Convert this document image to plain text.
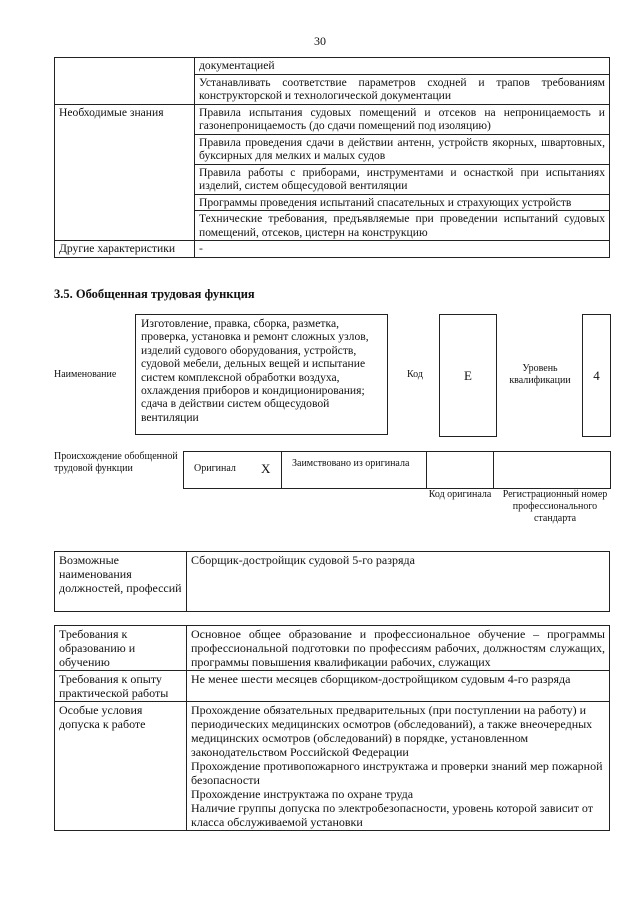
30
	документацией
	Устанавливать соответствие параметров сходней и трапов требованиям конструкторской и технологической документации
Необходимые знания	Правила испытания судовых помещений и отсеков на непроницаемость и газонепроницаемость (до сдачи помещений под изоляцию)
	Правила проведения сдачи в действии антенн, устройств якорных, швартовных, буксирных для мелких и малых судов
	Правила работы с приборами, инструментами и оснасткой при испытаниях изделий, систем общесудовой вентиляции
	Программы проведения испытаний спасательных и страхующих устройств
	Технические требования, предъявляемые при проведении испытаний судовых помещений, отсеков, цистерн на конструкцию
Другие характеристики	-
3.5. Обобщенная трудовая функция
Наименование
Изготовление, правка, сборка, разметка, проверка, установка и ремонт сложных узлов, изделий судового оборудования, устройств, судовой мебели, дельных вещей и испытание систем комплексной обработки воздуха, охлаждения приборов и кондиционирования; сдача в действии систем общесудовой вентиляции
Код	E	Уровень квалификации	4
Происхождение обобщенной трудовой функции	Оригинал X Заимствовано из оригинала
Код оригинала Регистрационный номер профессионального стандарта
Возможные наименования должностей, профессий	Сборщик-достройщик судовой 5-го разряда
Требования к образованию и обучению	Основное общее образование и профессиональное обучение – программы профессиональной подготовки по профессиям рабочих, должностям служащих, программы повышения квалификации рабочих, служащих
Требования к опыту практической работы	Не менее шести месяцев сборщиком-достройщиком судовым 4-го разряда
Особые условия допуска к работе	Прохождение обязательных предварительных (при поступлении на работу) и периодических медицинских осмотров (обследований), а также внеочередных медицинских осмотров (обследований) в порядке, установленном законодательством Российской Федерации
Прохождение противопожарного инструктажа и проверки знаний мер пожарной безопасности
Прохождение инструктажа по охране труда
Наличие группы допуска по электробезопасности, уровень которой зависит от класса обслуживаемой установки
